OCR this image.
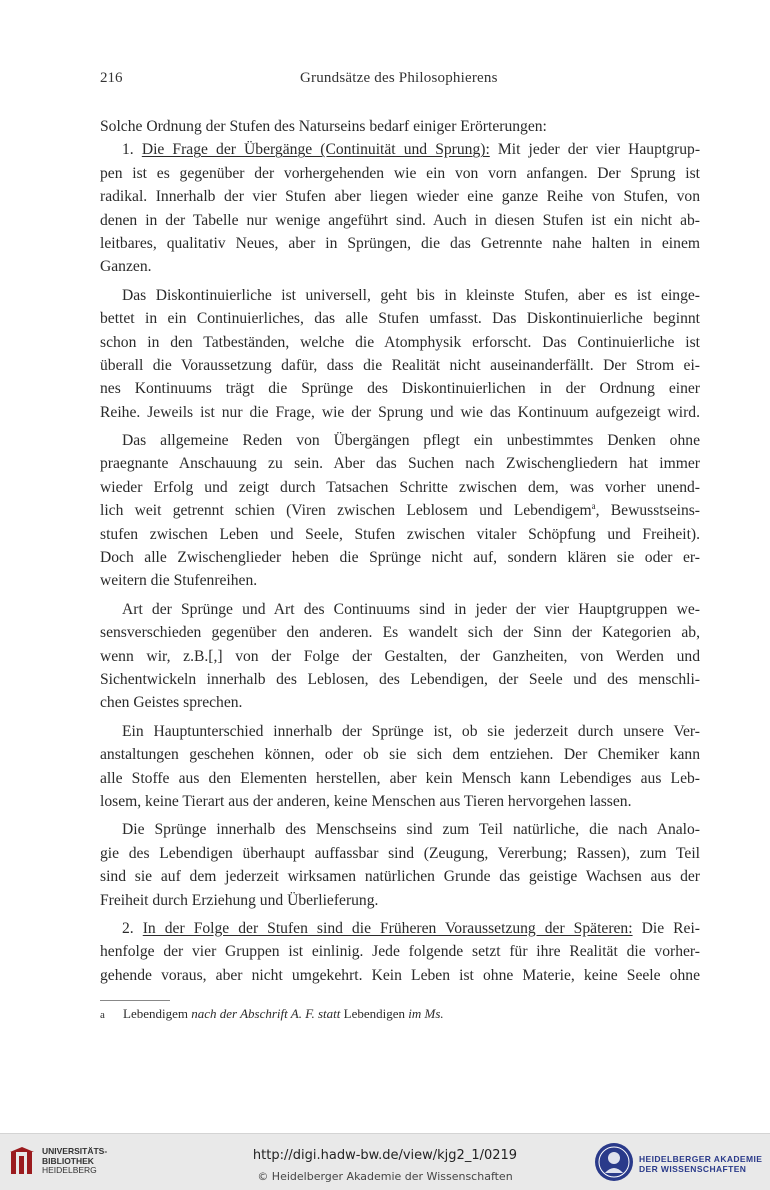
216	Grundsätze des Philosophierens
Solche Ordnung der Stufen des Naturseins bedarf einiger Erörterungen:
1. Die Frage der Übergänge (Continuität und Sprung): Mit jeder der vier Hauptgrup-
pen ist es gegenüber der vorhergehenden wie ein von vorn anfangen. Der Sprung ist
radikal. Innerhalb der vier Stufen aber liegen wieder eine ganze Reihe von Stufen, von
denen in der Tabelle nur wenige angeführt sind. Auch in diesen Stufen ist ein nicht ab-
leitbares, qualitativ Neues, aber in Sprüngen, die das Getrennte nahe halten in einem
Ganzen.
Das Diskontinuierliche ist universell, geht bis in kleinste Stufen, aber es ist einge-
bettet in ein Continuierliches, das alle Stufen umfasst. Das Diskontinuierliche beginnt
schon in den Tatbeständen, welche die Atomphysik erforscht. Das Continuierliche ist
überall die Voraussetzung dafür, dass die Realität nicht auseinanderfällt. Der Strom ei-
nes Kontinuums trägt die Sprünge des Diskontinuierlichen in der Ordnung einer
Reihe. Jeweils ist nur die Frage, wie der Sprung und wie das Kontinuum aufgezeigt wird.
Das allgemeine Reden von Übergängen pflegt ein unbestimmtes Denken ohne
praegnante Anschauung zu sein. Aber das Suchen nach Zwischengliedern hat immer
wieder Erfolg und zeigt durch Tatsachen Schritte zwischen dem, was vorher unend-
lich weit getrennt schien (Viren zwischen Leblosem und Lebendigem$^a$, Bewusstseins-
stufen zwischen Leben und Seele, Stufen zwischen vitaler Schöpfung und Freiheit).
Doch alle Zwischenglieder heben die Sprünge nicht auf, sondern klären sie oder er-
weitern die Stufenreihen.
Art der Sprünge und Art des Continuums sind in jeder der vier Hauptgruppen we-
sensverschieden gegenüber den anderen. Es wandelt sich der Sinn der Kategorien ab,
wenn wir, z.B.[,] von der Folge der Gestalten, der Ganzheiten, von Werden und
Sichentwickeln innerhalb des Leblosen, des Lebendigen, der Seele und des menschli-
chen Geistes sprechen.
Ein Hauptunterschied innerhalb der Sprünge ist, ob sie jederzeit durch unsere Ver-
anstaltungen geschehen können, oder ob sie sich dem entziehen. Der Chemiker kann
alle Stoffe aus den Elementen herstellen, aber kein Mensch kann Lebendiges aus Leb-
losem, keine Tierart aus der anderen, keine Menschen aus Tieren hervorgehen lassen.
Die Sprünge innerhalb des Menschseins sind zum Teil natürliche, die nach Analo-
gie des Lebendigen überhaupt auffassbar sind (Zeugung, Vererbung; Rassen), zum Teil
sind sie auf dem jederzeit wirksamen natürlichen Grunde das geistige Wachsen aus der
Freiheit durch Erziehung und Überlieferung.
2. In der Folge der Stufen sind die Früheren Voraussetzung der Späteren: Die Rei-
henfolge der vier Gruppen ist einlinig. Jede folgende setzt für ihre Realität die vorher-
gehende voraus, aber nicht umgekehrt. Kein Leben ist ohne Materie, keine Seele ohne
a Lebendigem nach der Abschrift A. F. statt Lebendigen im Ms.
UNIVERSITÄTS-
BIBLIOTHEK
HEIDELBERG
http://digi.hadw-bw.de/view/kjg2_1/0219
© Heidelberger Akademie der Wissenschaften
HEIDELBERGER AKADEMIE
DER WISSENSCHAFTEN
